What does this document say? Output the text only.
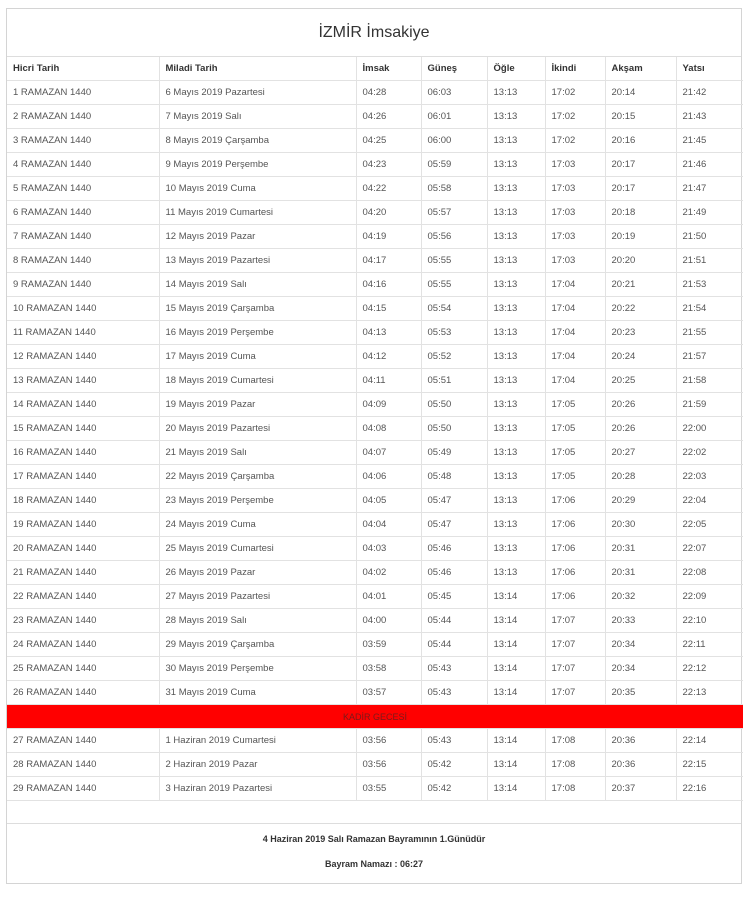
İZMİR İmsakiye
Hicri Tarih	Miladi Tarih	İmsak	Güneş	Öğle	İkindi	Akşam	Yatsı
1 RAMAZAN 1440	6 Mayıs 2019 Pazartesi	04:28	06:03	13:13	17:02	20:14	21:42
2 RAMAZAN 1440	7 Mayıs 2019 Salı	04:26	06:01	13:13	17:02	20:15	21:43
3 RAMAZAN 1440	8 Mayıs 2019 Çarşamba	04:25	06:00	13:13	17:02	20:16	21:45
4 RAMAZAN 1440	9 Mayıs 2019 Perşembe	04:23	05:59	13:13	17:03	20:17	21:46
5 RAMAZAN 1440	10 Mayıs 2019 Cuma	04:22	05:58	13:13	17:03	20:17	21:47
6 RAMAZAN 1440	11 Mayıs 2019 Cumartesi	04:20	05:57	13:13	17:03	20:18	21:49
7 RAMAZAN 1440	12 Mayıs 2019 Pazar	04:19	05:56	13:13	17:03	20:19	21:50
8 RAMAZAN 1440	13 Mayıs 2019 Pazartesi	04:17	05:55	13:13	17:03	20:20	21:51
9 RAMAZAN 1440	14 Mayıs 2019 Salı	04:16	05:55	13:13	17:04	20:21	21:53
10 RAMAZAN 1440	15 Mayıs 2019 Çarşamba	04:15	05:54	13:13	17:04	20:22	21:54
11 RAMAZAN 1440	16 Mayıs 2019 Perşembe	04:13	05:53	13:13	17:04	20:23	21:55
12 RAMAZAN 1440	17 Mayıs 2019 Cuma	04:12	05:52	13:13	17:04	20:24	21:57
13 RAMAZAN 1440	18 Mayıs 2019 Cumartesi	04:11	05:51	13:13	17:04	20:25	21:58
14 RAMAZAN 1440	19 Mayıs 2019 Pazar	04:09	05:50	13:13	17:05	20:26	21:59
15 RAMAZAN 1440	20 Mayıs 2019 Pazartesi	04:08	05:50	13:13	17:05	20:26	22:00
16 RAMAZAN 1440	21 Mayıs 2019 Salı	04:07	05:49	13:13	17:05	20:27	22:02
17 RAMAZAN 1440	22 Mayıs 2019 Çarşamba	04:06	05:48	13:13	17:05	20:28	22:03
18 RAMAZAN 1440	23 Mayıs 2019 Perşembe	04:05	05:47	13:13	17:06	20:29	22:04
19 RAMAZAN 1440	24 Mayıs 2019 Cuma	04:04	05:47	13:13	17:06	20:30	22:05
20 RAMAZAN 1440	25 Mayıs 2019 Cumartesi	04:03	05:46	13:13	17:06	20:31	22:07
21 RAMAZAN 1440	26 Mayıs 2019 Pazar	04:02	05:46	13:13	17:06	20:31	22:08
22 RAMAZAN 1440	27 Mayıs 2019 Pazartesi	04:01	05:45	13:14	17:06	20:32	22:09
23 RAMAZAN 1440	28 Mayıs 2019 Salı	04:00	05:44	13:14	17:07	20:33	22:10
24 RAMAZAN 1440	29 Mayıs 2019 Çarşamba	03:59	05:44	13:14	17:07	20:34	22:11
25 RAMAZAN 1440	30 Mayıs 2019 Perşembe	03:58	05:43	13:14	17:07	20:34	22:12
26 RAMAZAN 1440	31 Mayıs 2019 Cuma	03:57	05:43	13:14	17:07	20:35	22:13
KADİR GECESİ							
27 RAMAZAN 1440	1 Haziran 2019 Cumartesi	03:56	05:43	13:14	17:08	20:36	22:14
28 RAMAZAN 1440	2 Haziran 2019 Pazar	03:56	05:42	13:14	17:08	20:36	22:15
29 RAMAZAN 1440	3 Haziran 2019 Pazartesi	03:55	05:42	13:14	17:08	20:37	22:16
4 Haziran 2019 Salı Ramazan Bayramının 1.Günüdür
Bayram Namazı : 06:27
